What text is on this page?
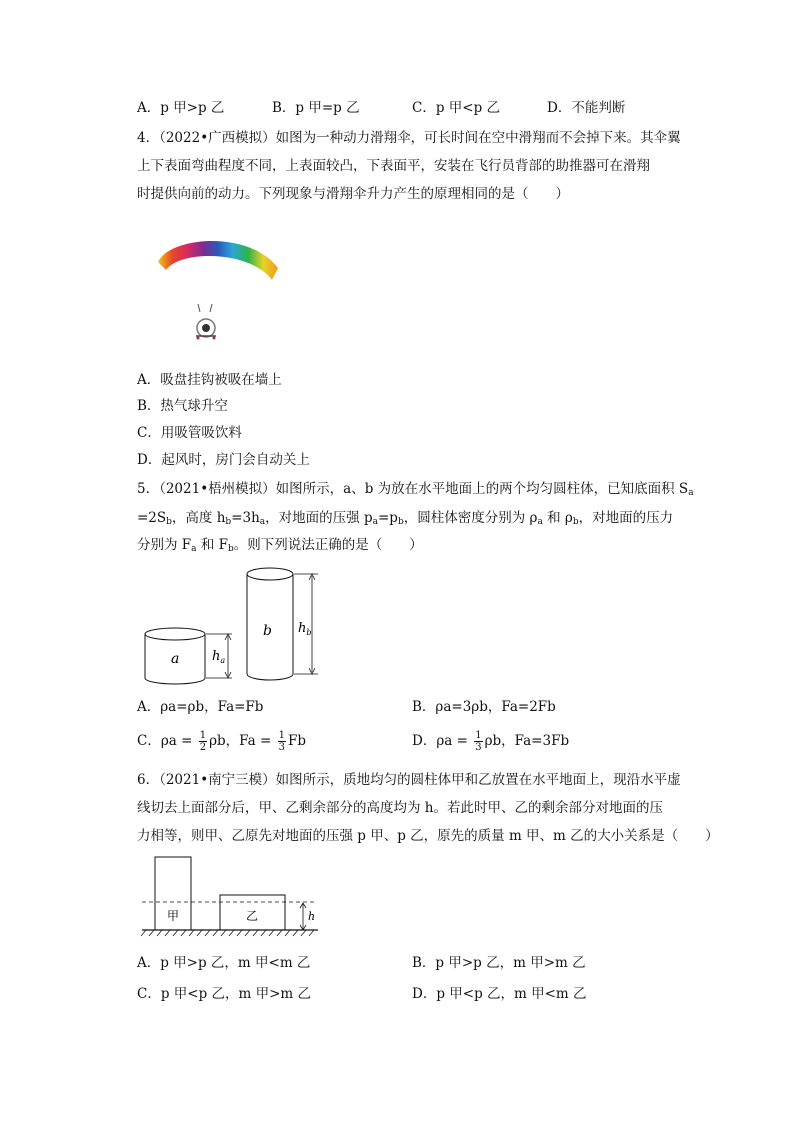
A．p 甲>p 乙	B．p 甲=p 乙	C．p 甲<p 乙	D．不能判断
4．（2022•广西模拟）如图为一种动力滑翔伞，可长时间在空中滑翔而不会掉下来。其伞翼
上下表面弯曲程度不同，上表面较凸，下表面平，安装在飞行员背部的助推器可在滑翔
时提供向前的动力。下列现象与滑翔伞升力产生的原理相同的是（　　）
A．吸盘挂钩被吸在墙上
B．热气球升空
C．用吸管吸饮料
D．起风时，房门会自动关上
5．（2021•梧州模拟）如图所示，a、b 为放在水平地面上的两个均匀圆柱体，已知底面积 $S_a$
$=2S_b$，高度 $h_b=3h_a$，对地面的压强 $p_a=p_b$，圆柱体密度分别为 $\rho_a$ 和 $\rho_b$，对地面的压力
分别为 $F_a$ 和 $F_b$。则下列说法正确的是（　　）
a	$h_a$
b $h_b$
A．ρa=ρb，Fa=Fb	B．ρa=3ρb，Fa=2Fb
C．$\rho a = \frac{1}{2}$ ρb，$Fa = \frac{1}{3}$ Fb	D．$\rho a = \frac{1}{3}$ ρb，Fa=3Fb
6．（2021•南宁三模）如图所示，质地均匀的圆柱体甲和乙放置在水平地面上，现沿水平虚
线切去上面部分后，甲、乙剩余部分的高度均为 h。若此时甲、乙的剩余部分对地面的压
力相等，则甲、乙原先对地面的压强 p 甲、p 乙，原先的质量 m 甲、m 乙的大小关系是（　　）
甲	乙	h
A．p 甲>p 乙，m 甲<m 乙	B．p 甲>p 乙，m 甲>m 乙
C．p 甲<p 乙，m 甲>m 乙	D．p 甲<p 乙，m 甲<m 乙
